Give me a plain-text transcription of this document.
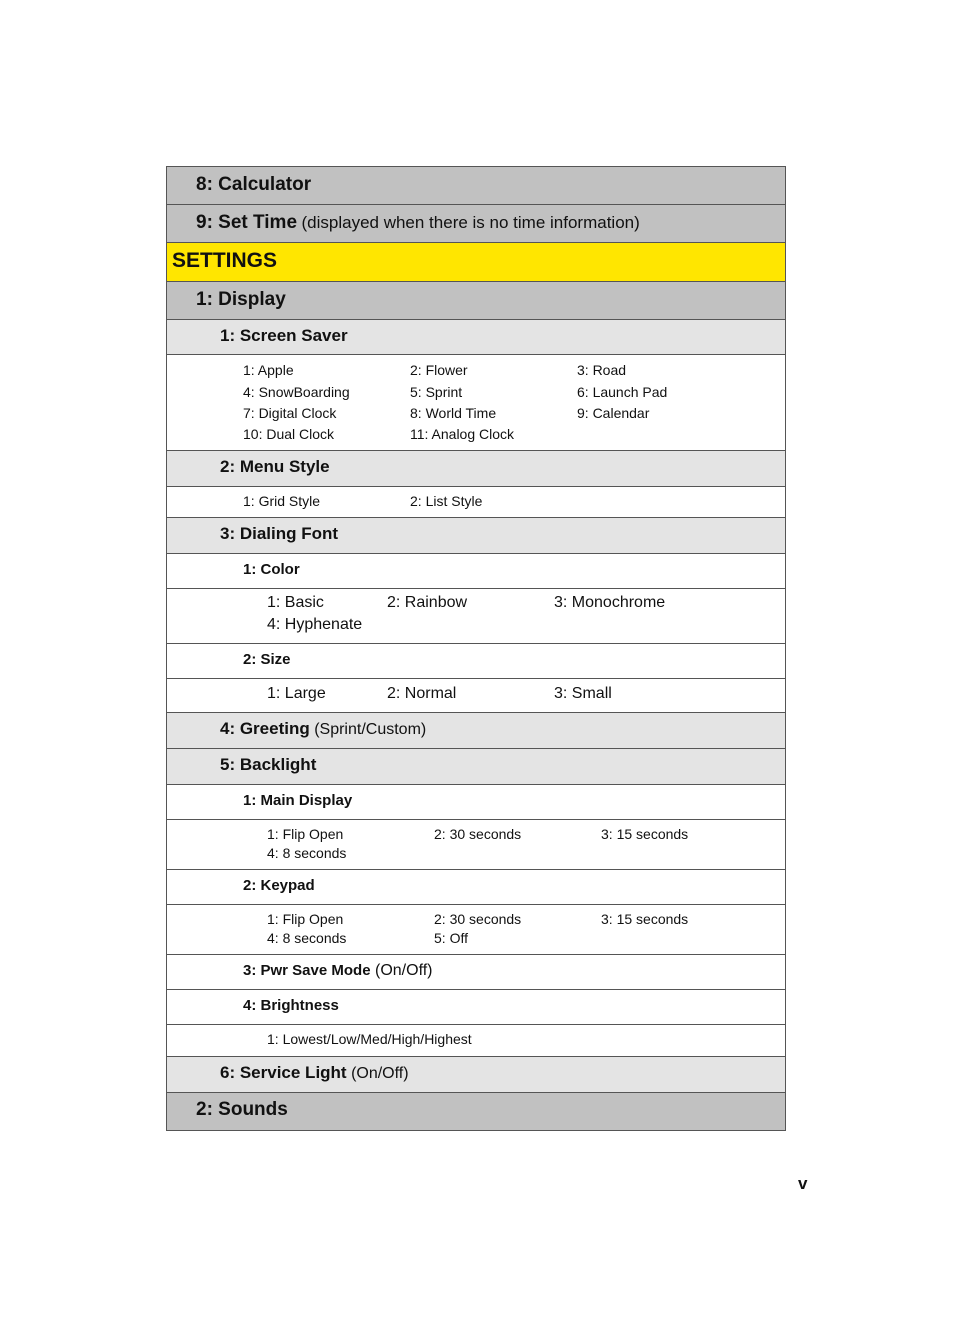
8: Calculator
9: Set Time (displayed when there is no time information)
SETTINGS
1: Display
1: Screen Saver
1: Apple	2: Flower	3: Road
4: SnowBoarding	5: Sprint	6: Launch Pad
7: Digital Clock	8: World Time	9: Calendar
10: Dual Clock	11: Analog Clock
2: Menu Style
1: Grid Style	2: List Style
3: Dialing Font
1: Color
1: Basic	2: Rainbow	3: Monochrome
4: Hyphenate
2: Size
1: Large	2: Normal	3: Small
4: Greeting (Sprint/Custom)
5: Backlight
1: Main Display
1: Flip Open	2: 30 seconds	3: 15 seconds
4: 8 seconds
2: Keypad
1: Flip Open	2: 30 seconds	3: 15 seconds
4: 8 seconds	5: Off
3: Pwr Save Mode (On/Off)
4: Brightness
1: Lowest/Low/Med/High/Highest
6: Service Light (On/Off)
2: Sounds
v
